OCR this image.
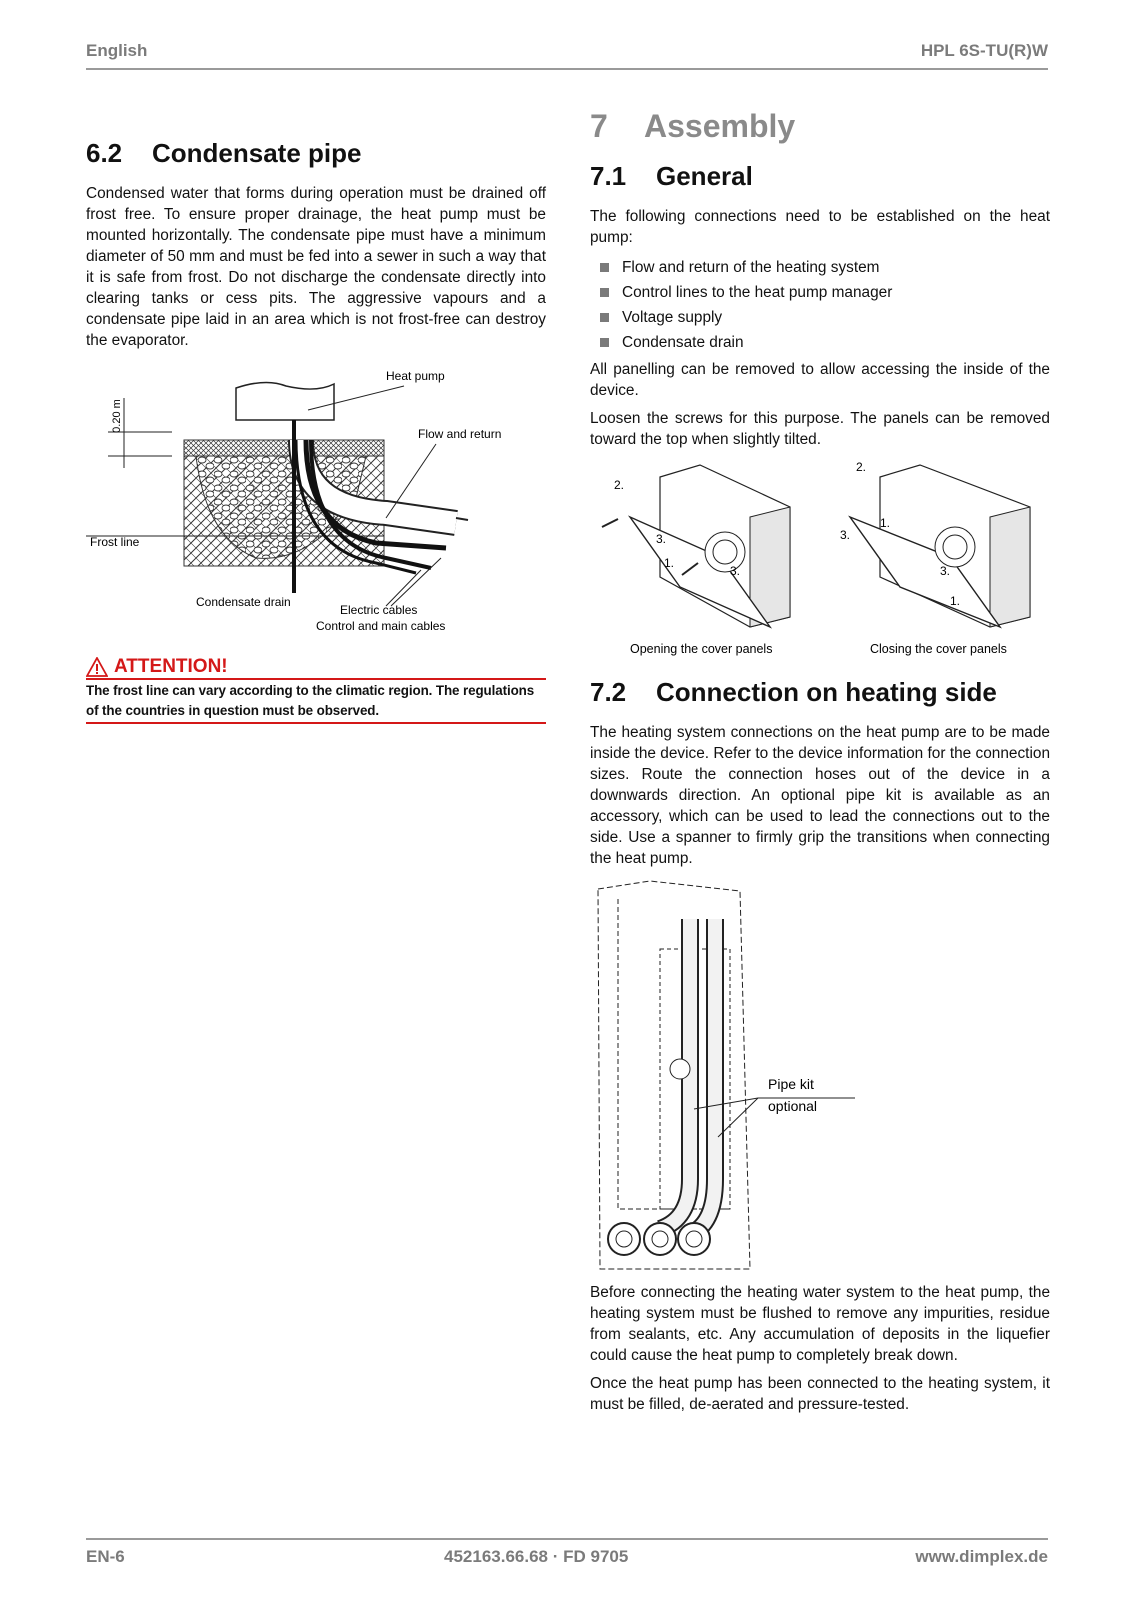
English	HPL 6S-TU(R)W
6.2 Condensate pipe

Condensed water that forms during operation must be drained off frost free. To ensure proper drainage, the heat pump must be mounted horizontally. The condensate pipe must have a minimum diameter of 50 mm and must be fed into a sewer in such a way that it is safe from frost. Do not discharge the condensate directly into clearing tanks or cess pits. The aggressive vapours and a condensate pipe laid in an area which is not frost-free can destroy the evaporator.

0.20 m
Heat pump
Flow and return
Frost line
Condensate drain
Electric cables
Control and main cables
ATTENTION!
The frost line can vary according to the climatic region. The regulations of the countries in question must be observed.
7 Assembly
7.1 General

The following connections need to be established on the heat pump:

Flow and return of the heating system
Control lines to the heat pump manager
Voltage supply
Condensate drain

All panelling can be removed to allow accessing the inside of the device.

Loosen the screws for this purpose. The panels can be removed toward the top when slightly tilted.

2.
3.
1.
3.
Opening the cover panels
2.
3.
1.
3.
1.
Closing the cover panels
7.2 Connection on heating side

The heating system connections on the heat pump are to be made inside the device. Refer to the device information for the connection sizes. Route the connection hoses out of the device in a downwards direction. An optional pipe kit is available as an accessory, which can be used to lead the connections out to the side. Use a spanner to firmly grip the transitions when connecting the heat pump.

Pipe kit
optional

Before connecting the heating water system to the heat pump, the heating system must be flushed to remove any impurities, residue from sealants, etc. Any accumulation of deposits in the liquefier could cause the heat pump to completely break down.

Once the heat pump has been connected to the heating system, it must be filled, de-aerated and pressure-tested.

EN-6	452163.66.68 · FD 9705	www.dimplex.de
